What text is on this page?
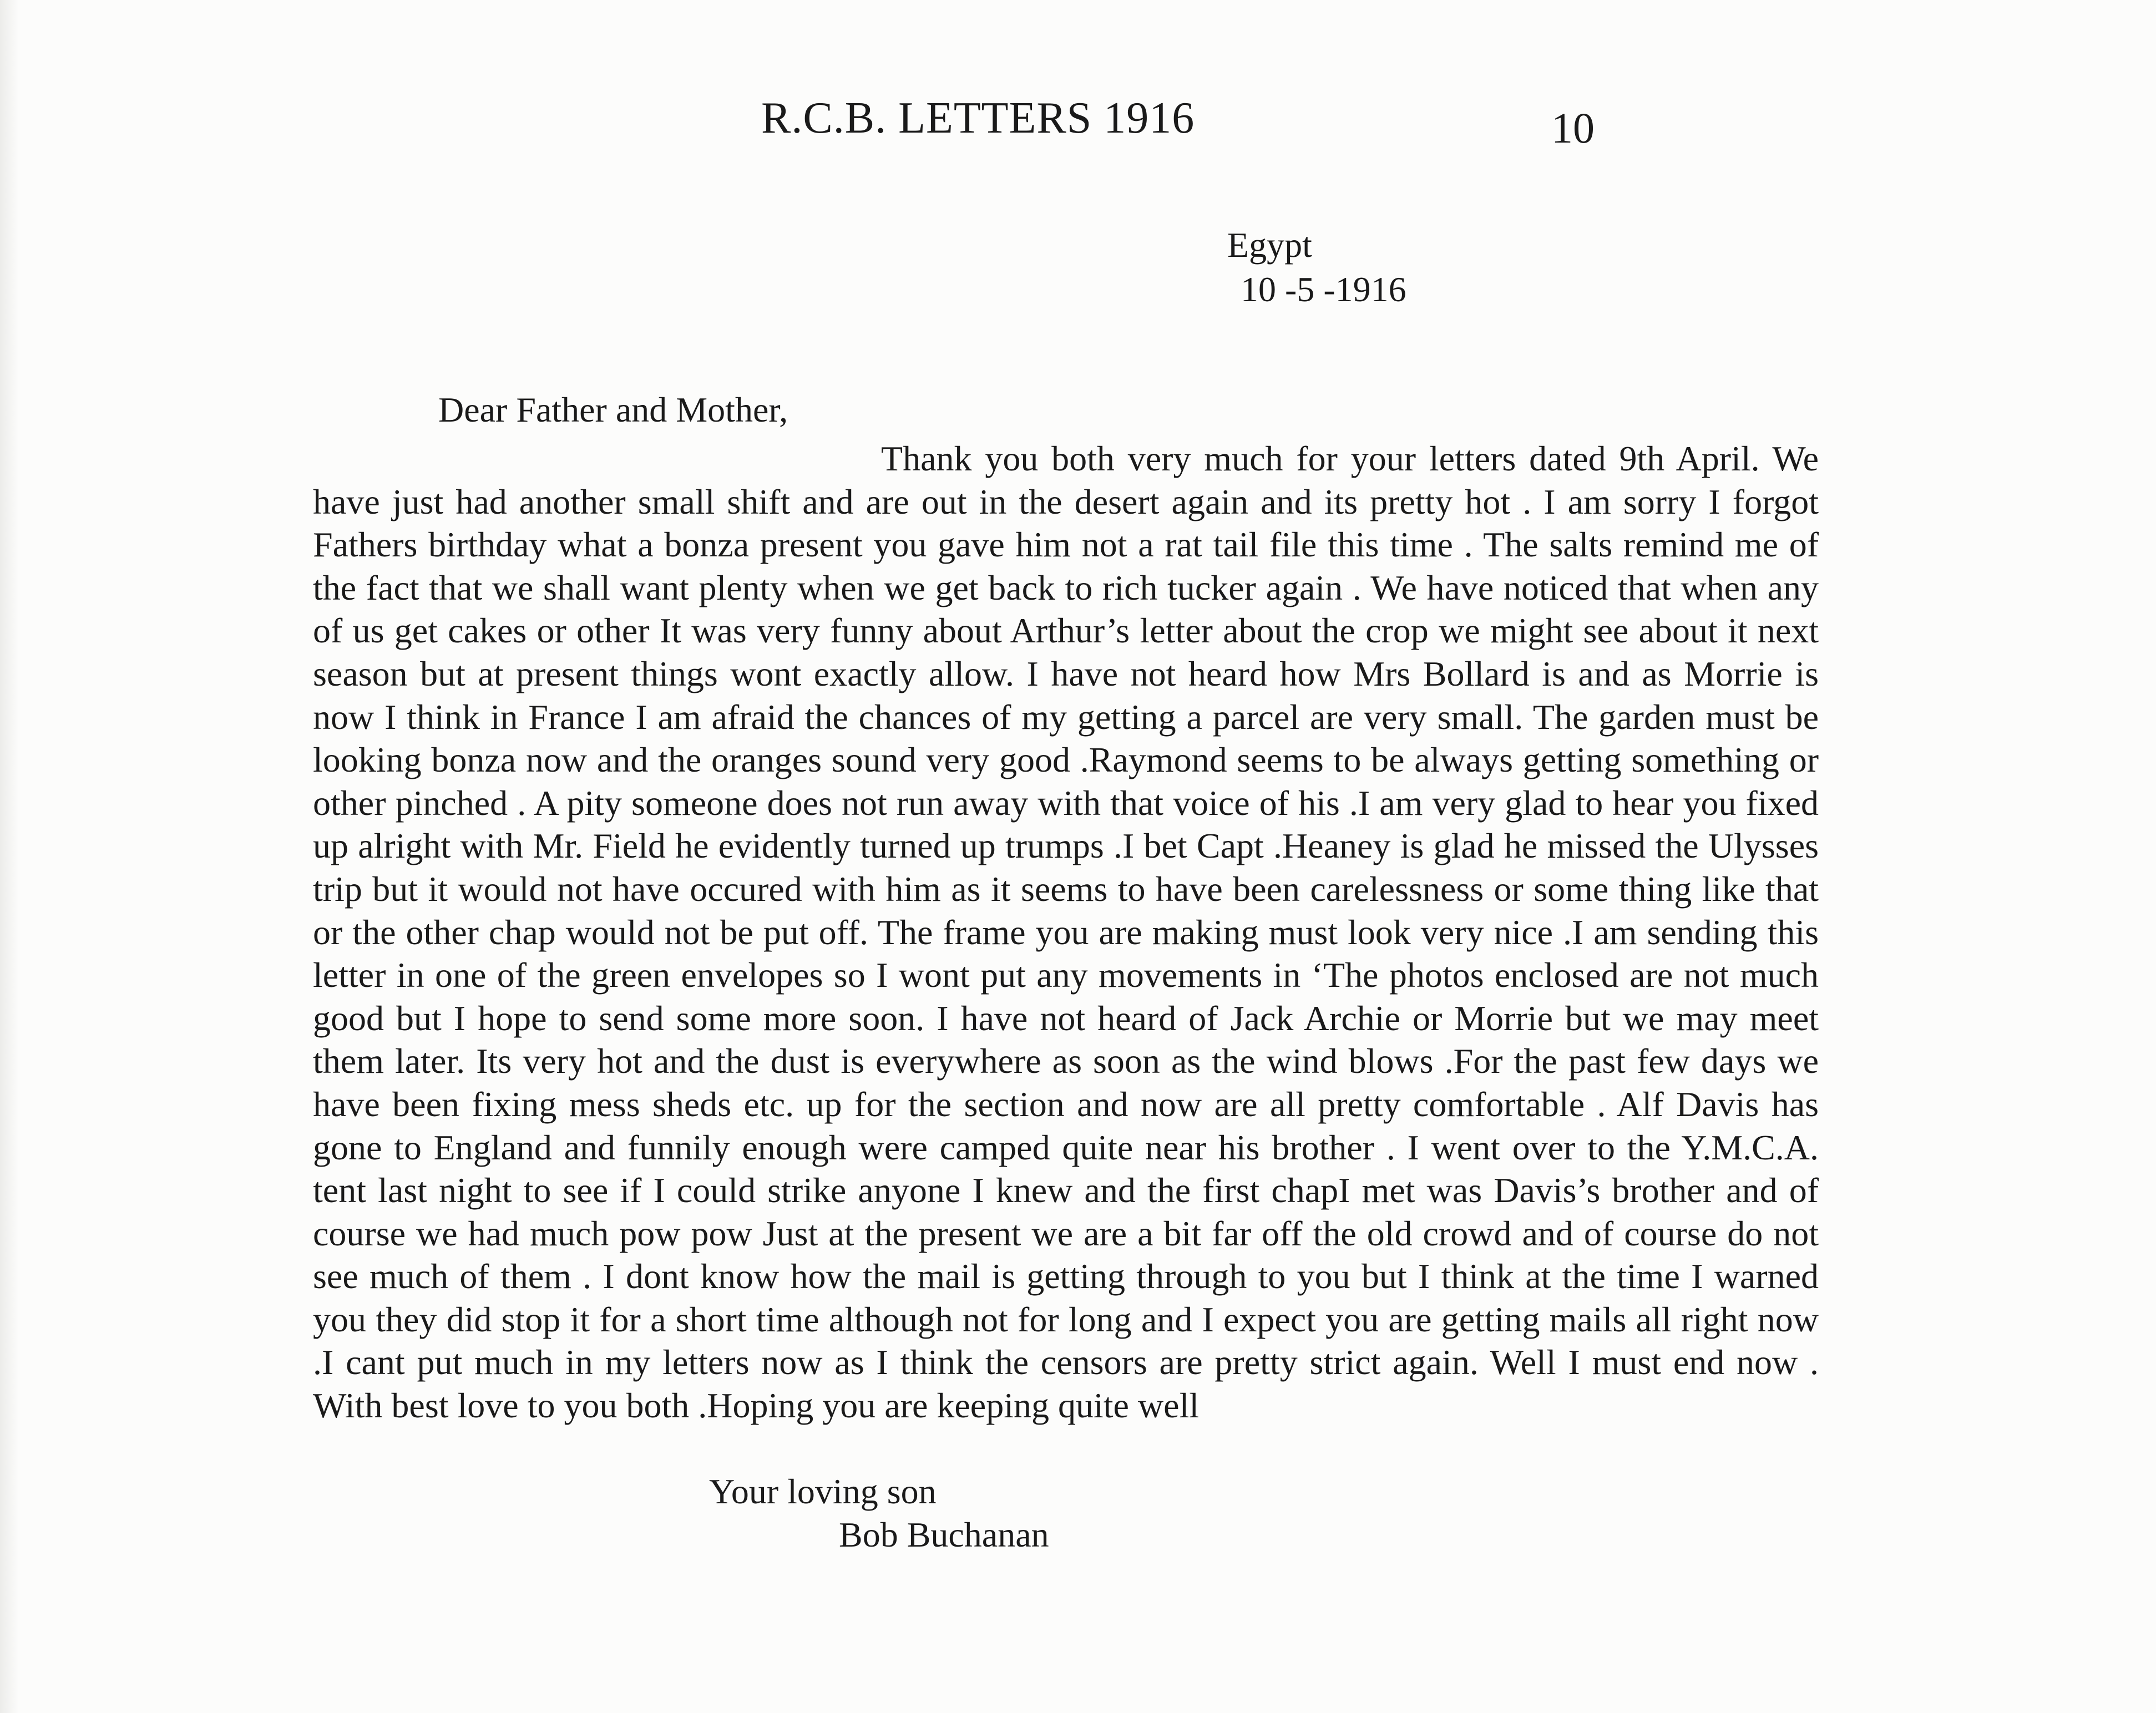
R.C.B. LETTERS 1916	10
Egypt
10 -5 -1916
Dear Father and Mother,

Thank you both very much for your letters dated 9th April. We have just had another small shift and are out in the desert again and its pretty hot . I am sorry I forgot Fathers birthday what a bonza present you gave him not a rat tail file this time . The salts remind me of the fact that we shall want plenty when we get back to rich tucker again . We have noticed that when any of us get cakes or other It was very funny about Arthur’s letter about the crop we might see about it next season but at present things wont exactly allow. I have not heard how Mrs Bollard is and as Morrie is now I think in France I am afraid the chances of my getting a parcel are very small. The garden must be looking bonza now and the oranges sound very good .Raymond seems to be always getting something or other pinched . A pity someone does not run away with that voice of his .I am very glad to hear you fixed up alright with Mr. Field he evidently turned up trumps .I bet Capt .Heaney is glad he missed the Ulysses trip but it would not have occured with him as it seems to have been carelessness or some thing like that or the other chap would not be put off. The frame you are making must look very nice .I am sending this letter in one of the green envelopes so I wont put any movements in ‘The photos enclosed are not much good but I hope to send some more soon. I have not heard of Jack Archie or Morrie but we may meet them later. Its very hot and the dust is everywhere as soon as the wind blows .For the past few days we have been fixing mess sheds etc. up for the section and now are all pretty comfortable . Alf Davis has gone to England and funnily enough were camped quite near his brother . I went over to the Y.M.C.A. tent last night to see if I could strike anyone I knew and the first chapI met was Davis’s brother and of course we had much pow pow Just at the present we are a bit far off the old crowd and of course do not see much of them . I dont know how the mail is getting through to you but I think at the time I warned you they did stop it for a short time although not for long and I expect you are getting mails all right now .I cant put much in my letters now as I think the censors are pretty strict again. Well I must end now . With best love to you both .Hoping you are keeping quite well

Your loving son
Bob Buchanan
